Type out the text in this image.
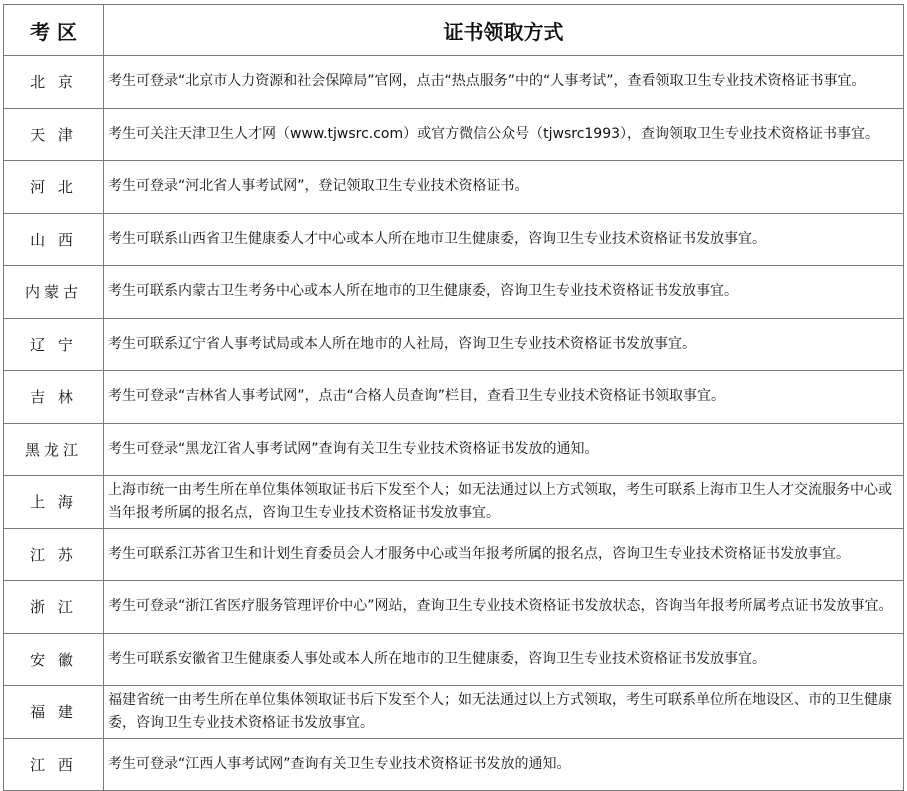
考 区	证书领取方式
北 京	考生可登录“北京市人力资源和社会保障局”官网，点击“热点服务”中的“人事考试”，查看领取卫生专业技术资格证书事宜。
天 津	考生可关注天津卫生人才网（www.tjwsrc.com）或官方微信公众号（tjwsrc1993），查询领取卫生专业技术资格证书事宜。
河 北	考生可登录“河北省人事考试网”，登记领取卫生专业技术资格证书。
山 西	考生可联系山西省卫生健康委人才中心或本人所在地市卫生健康委，咨询卫生专业技术资格证书发放事宜。
内蒙古	考生可联系内蒙古卫生考务中心或本人所在地市的卫生健康委，咨询卫生专业技术资格证书发放事宜。
辽 宁	考生可联系辽宁省人事考试局或本人所在地市的人社局，咨询卫生专业技术资格证书发放事宜。
吉 林	考生可登录“吉林省人事考试网”，点击“合格人员查询”栏目，查看卫生专业技术资格证书领取事宜。
黑龙江	考生可登录“黑龙江省人事考试网”查询有关卫生专业技术资格证书发放的通知。
上 海	上海市统一由考生所在单位集体领取证书后下发至个人；如无法通过以上方式领取，考生可联系上海市卫生人才交流服务中心或当年报考所属的报名点，咨询卫生专业技术资格证书发放事宜。
江 苏	考生可联系江苏省卫生和计划生育委员会人才服务中心或当年报考所属的报名点，咨询卫生专业技术资格证书发放事宜。
浙 江	考生可登录“浙江省医疗服务管理评价中心”网站，查询卫生专业技术资格证书发放状态，咨询当年报考所属考点证书发放事宜。
安 徽	考生可联系安徽省卫生健康委人事处或本人所在地市的卫生健康委，咨询卫生专业技术资格证书发放事宜。
福 建	福建省统一由考生所在单位集体领取证书后下发至个人；如无法通过以上方式领取，考生可联系单位所在地设区、市的卫生健康委，咨询卫生专业技术资格证书发放事宜。
江 西	考生可登录“江西人事考试网”查询有关卫生专业技术资格证书发放的通知。
